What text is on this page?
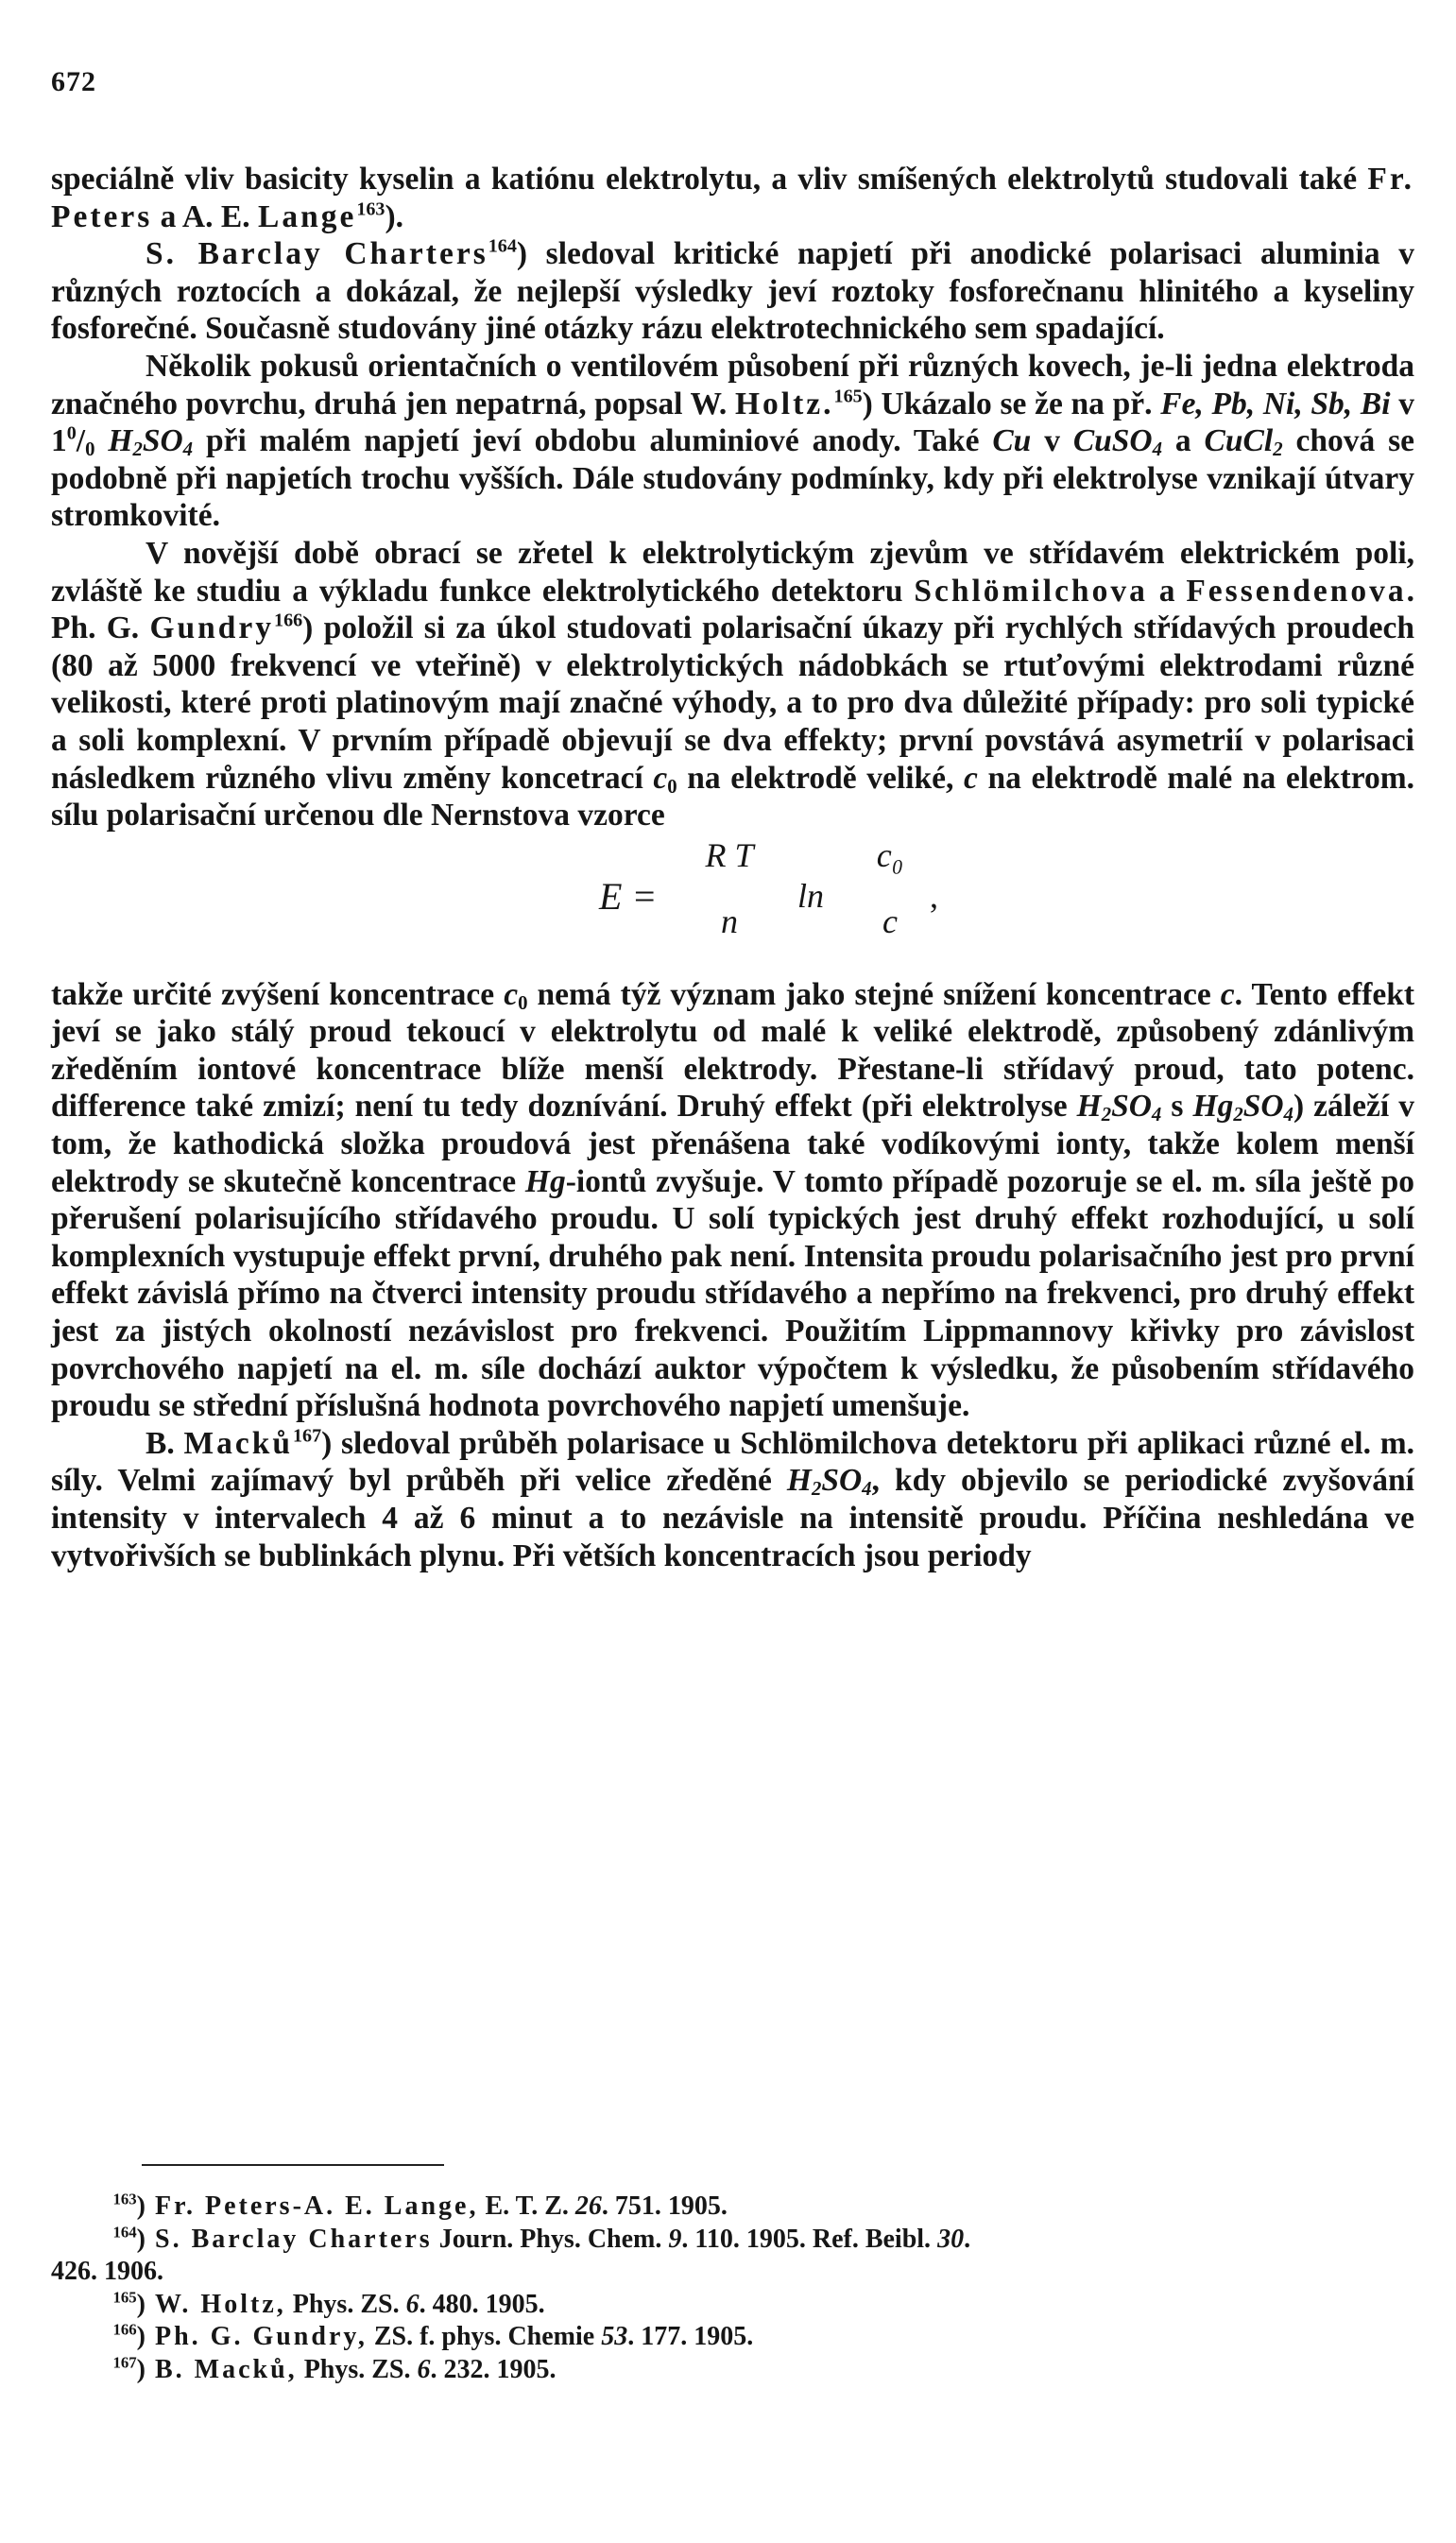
672

speciálně vliv basicity kyselin a katiónu elektrolytu, a vliv smíšených elektrolytů studovali také Fr. Peters a A. E. Lange$^{163}$).

S. Barclay Charters$^{164}$) sledoval kritické napjetí při anodické polarisaci aluminia v různých roztocích a dokázal, že nejlepší výsledky jeví roztoky fosforečnanu hlinitého a kyseliny fosforečné. Současně studovány jiné otázky rázu elektrotechnického sem spadající.

Několik pokusů orientačních o ventilovém působení při různých kovech, je-li jedna elektroda značného povrchu, druhá jen nepatrná, popsal W. Holtz.$^{165}$) Ukázalo se že na př. Fe, Pb, Ni, Sb, Bi v $1^0/_0$ $H_2SO_4$ při malém napjetí jeví obdobu aluminiové anody. Také Cu v CuSO$_4$ a CuCl$_2$ chová se podobně při napjetích trochu vyšších. Dále studovány podmínky, kdy při elektrolyse vznikají útvary stromkovité.

V novější době obrací se zřetel k elektrolytickým zjevům ve střídavém elektrickém poli, zvláště ke studiu a výkladu funkce elektrolytického detektoru Schlömilchova a Fessendenova. Ph. G. Gundry$^{166}$) položil si za úkol studovati polarisační úkazy při rychlých střídavých proudech (80 až 5000 frekvencí ve vteřině) v elektrolytických nádobkách se rtuťovými elektrodami různé velikosti, které proti platinovým mají značné výhody, a to pro dva důležité případy: pro soli typické a soli komplexní. V prvním případě objevují se dva effekty; první povstává asymetrií v polarisaci následkem různého vlivu změny koncetrací $c_0$ na elektrodě veliké, c na elektrodě malé na elektrom. sílu polarisační určenou dle Nernstova vzorce

E =
R T
n
ln
c₀
c
,

takže určité zvýšení koncentrace $c_0$ nemá týž význam jako stejné snížení koncentrace c. Tento effekt jeví se jako stálý proud tekoucí v elektrolytu od malé k veliké elektrodě, způsobený zdánlivým zředěním iontové koncentrace blíže menší elektrody. Přestane-li střídavý proud, tato potenc. difference také zmizí; není tu tedy doznívání. Druhý effekt (při elektrolyse $H_2SO_4$ s $Hg_2SO_4$) záleží v tom, že kathodická složka proudová jest přenášena také vodíkovými ionty, takže kolem menší elektrody se skutečně koncentrace Hg-iontů zvyšuje. V tomto případě pozoruje se el. m. síla ještě po přerušení polarisujícího střídavého proudu. U solí typických jest druhý effekt rozhodující, u solí komplexních vystupuje effekt první, druhého pak není. Intensita proudu polarisačního jest pro první effekt závislá přímo na čtverci intensity proudu střídavého a nepřímo na frekvenci, pro druhý effekt jest za jistých okolností nezávislost pro frekvenci. Použitím Lippmannovy křivky pro závislost povrchového napjetí na el. m. síle dochází auktor výpočtem k výsledku, že působením střídavého proudu se střední příslušná hodnota povrchového napjetí umenšuje.

B. Macků$^{167}$) sledoval průběh polarisace u Schlömilchova detektoru při aplikaci různé el. m. síly. Velmi zajímavý byl průběh při velice zředěné $H_2SO_4$, kdy objevilo se periodické zvyšování intensity v intervalech 4 až 6 minut a to nezávisle na intensitě proudu. Příčina neshledána ve vytvořivších se bublinkách plynu. Při větších koncentracích jsou periody

$^{163}$) Fr. Peters-A. E. Lange, E. T. Z. 26. 751. 1905.

$^{164}$) S. Barclay Charters Journ. Phys. Chem. 9. 110. 1905. Ref. Beibl. 30.

426. 1906.

$^{165}$) W. Holtz, Phys. ZS. 6. 480. 1905.

$^{166}$) Ph. G. Gundry, ZS. f. phys. Chemie 53. 177. 1905.

$^{167}$) B. Macků, Phys. ZS. 6. 232. 1905.
